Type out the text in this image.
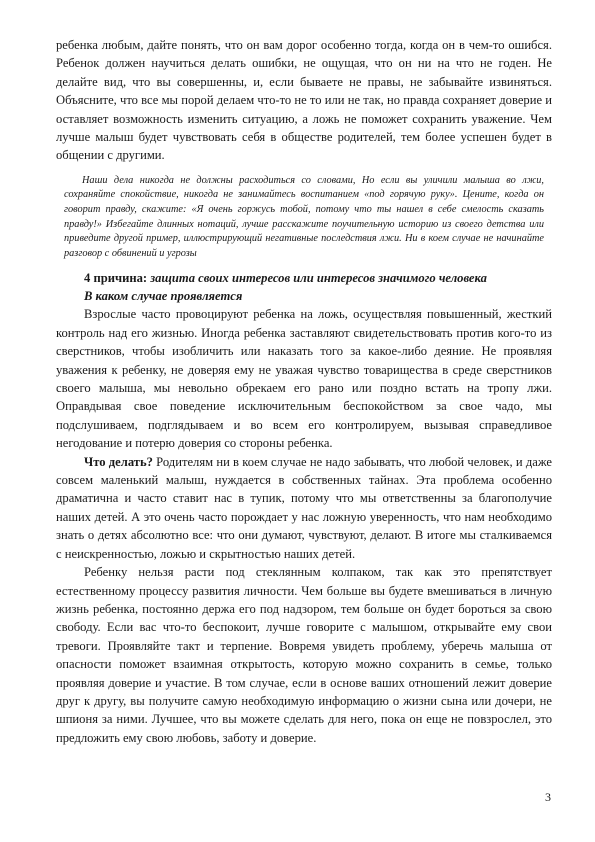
ребенка любым, дайте понять, что он вам дорог особенно тогда, когда он в чем-то ошибся. Ребенок должен научиться делать ошибки, не ощущая, что он ни на что не годен. Не делайте вид, что вы совершенны, и, если бываете не правы, не забывайте извиняться. Объясните, что все мы порой делаем что-то не то или не так, но правда сохраняет доверие и оставляет возможность изменить ситуацию, а ложь не поможет сохранить уважение. Чем лучше малыш будет чувствовать себя в обществе родителей, тем более успешен будет в общении с другими.

Наши дела никогда не должны расходиться со словами, Но если вы уличили малыша во лжи, сохраняйте спокойствие, никогда не занимайтесь воспитанием «под горячую руку». Цените, когда он говорит правду, скажите: «Я очень горжусь тобой, потому что ты нашел в себе смелость сказать правду!» Избегайте длинных нотаций, лучше расскажите поучительную историю из своего детства или приведите другой пример, иллюстрирующий негативные последствия лжи. Ни в коем случае не начинайте разговор с обвинений и угрозы

4 причина: защита своих интересов или интересов значимого человека

В каком случае проявляется

Взрослые часто провоцируют ребенка на ложь, осуществляя повышенный, жесткий контроль над его жизнью. Иногда ребенка заставляют свидетельствовать против кого-то из сверстников, чтобы изобличить или наказать того за какое-либо деяние. Не проявляя уважения к ребенку, не доверяя ему не уважая чувство товарищества в среде сверстников своего малыша, мы невольно обрекаем его рано или поздно встать на тропу лжи. Оправдывая свое поведение исключительным беспокойством за свое чадо, мы подслушиваем, подглядываем и во всем его контролируем, вызывая справедливое негодование и потерю доверия со стороны ребенка.

Что делать? Родителям ни в коем случае не надо забывать, что любой человек, и даже совсем маленький малыш, нуждается в собственных тайнах. Эта проблема особенно драматична и часто ставит нас в тупик, потому что мы ответственны за благополучие наших детей. А это очень часто порождает у нас ложную уверенность, что нам необходимо знать о детях абсолютно все: что они думают, чувствуют, делают. В итоге мы сталкиваемся с неискренностью, ложью и скрытностью наших детей.

Ребенку нельзя расти под стеклянным колпаком, так как это препятствует естественному процессу развития личности. Чем больше вы будете вмешиваться в личную жизнь ребенка, постоянно держа его под надзором, тем больше он будет бороться за свою свободу. Если вас что-то беспокоит, лучше говорите с малышом, открывайте ему свои тревоги. Проявляйте такт и терпение. Вовремя увидеть проблему, уберечь малыша от опасности поможет взаимная открытость, которую можно сохранить в семье, только проявляя доверие и участие. В том случае, если в основе ваших отношений лежит доверие друг к другу, вы получите самую необходимую информацию о жизни сына или дочери, не шпионя за ними. Лучшее, что вы можете сделать для него, пока он еще не повзрослел, это предложить ему свою любовь, заботу и доверие.

3
